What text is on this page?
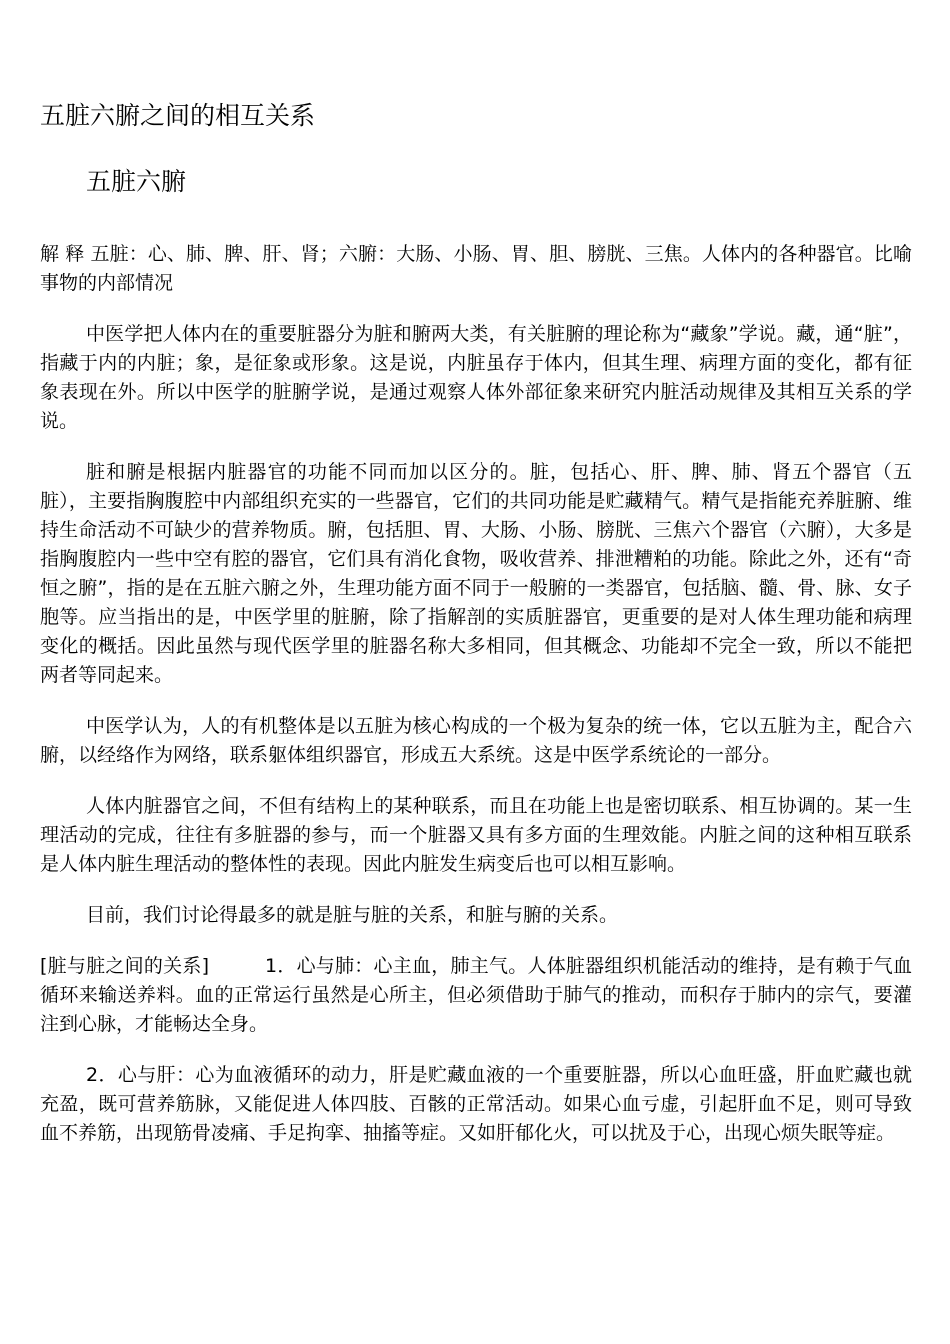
五脏六腑之间的相互关系
五脏六腑

解 释 五脏：心、肺、脾、肝、肾；六腑：大肠、小肠、胃、胆、膀胱、三焦。人体内的各种器官。比喻事物的内部情况

中医学把人体内在的重要脏器分为脏和腑两大类，有关脏腑的理论称为“藏象”学说。藏，通“脏”，指藏于内的内脏；象，是征象或形象。这是说，内脏虽存于体内，但其生理、病理方面的变化，都有征象表现在外。所以中医学的脏腑学说，是通过观察人体外部征象来研究内脏活动规律及其相互关系的学说。

脏和腑是根据内脏器官的功能不同而加以区分的。脏，包括心、肝、脾、肺、肾五个器官（五脏），主要指胸腹腔中内部组织充实的一些器官，它们的共同功能是贮藏精气。精气是指能充养脏腑、维持生命活动不可缺少的营养物质。腑，包括胆、胃、大肠、小肠、膀胱、三焦六个器官（六腑），大多是指胸腹腔内一些中空有腔的器官，它们具有消化食物，吸收营养、排泄糟粕的功能。除此之外，还有“奇恒之腑”，指的是在五脏六腑之外，生理功能方面不同于一般腑的一类器官，包括脑、髓、骨、脉、女子胞等。应当指出的是，中医学里的脏腑，除了指解剖的实质脏器官，更重要的是对人体生理功能和病理变化的概括。因此虽然与现代医学里的脏器名称大多相同，但其概念、功能却不完全一致，所以不能把两者等同起来。

中医学认为，人的有机整体是以五脏为核心构成的一个极为复杂的统一体，它以五脏为主，配合六腑，以经络作为网络，联系躯体组织器官，形成五大系统。这是中医学系统论的一部分。

人体内脏器官之间，不但有结构上的某种联系，而且在功能上也是密切联系、相互协调的。某一生理活动的完成，往往有多脏器的参与，而一个脏器又具有多方面的生理效能。内脏之间的这种相互联系是人体内脏生理活动的整体性的表现。因此内脏发生病变后也可以相互影响。

目前，我们讨论得最多的就是脏与脏的关系，和脏与腑的关系。

[脏与脏之间的关系]	1．心与肺：心主血，肺主气。人体脏器组织机能活动的维持，是有赖于气血循环来输送养料。血的正常运行虽然是心所主，但必须借助于肺气的推动，而积存于肺内的宗气，要灌注到心脉，才能畅达全身。

2．心与肝：心为血液循环的动力，肝是贮藏血液的一个重要脏器，所以心血旺盛，肝血贮藏也就充盈，既可营养筋脉，又能促进人体四肢、百骸的正常活动。如果心血亏虚，引起肝血不足，则可导致血不养筋，出现筋骨凌痛、手足拘挛、抽搐等症。又如肝郁化火，可以扰及于心，出现心烦失眠等症。
